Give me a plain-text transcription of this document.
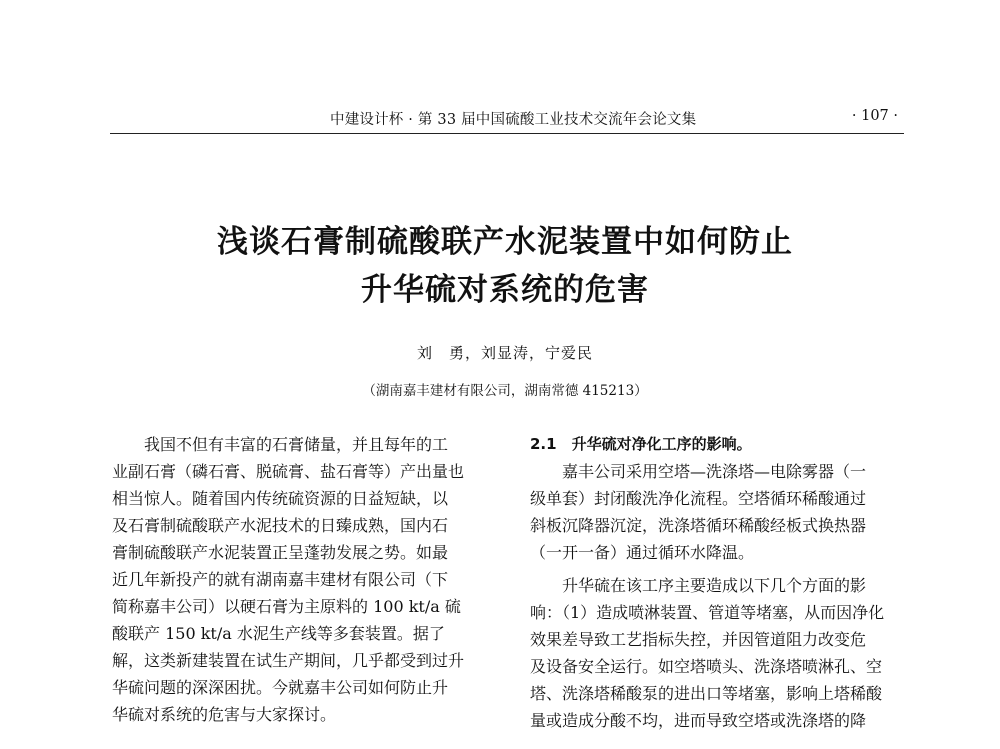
中建设计杯 · 第 33 届中国硫酸工业技术交流年会论文集	· 107 ·
浅谈石膏制硫酸联产水泥装置中如何防止
升华硫对系统的危害
刘　勇，刘显涛，宁爱民
（湖南嘉丰建材有限公司，湖南常德 415213）
我国不但有丰富的石膏储量，并且每年的工
业副石膏（磷石膏、脱硫膏、盐石膏等）产出量也
相当惊人。随着国内传统硫资源的日益短缺，以
及石膏制硫酸联产水泥技术的日臻成熟，国内石
膏制硫酸联产水泥装置正呈蓬勃发展之势。如最
近几年新投产的就有湖南嘉丰建材有限公司（下
简称嘉丰公司）以硬石膏为主原料的 100 kt/a 硫
酸联产 150 kt/a 水泥生产线等多套装置。据了
解，这类新建装置在试生产期间，几乎都受到过升
华硫问题的深深困扰。今就嘉丰公司如何防止升
华硫对系统的危害与大家探讨。
2.1　升华硫对净化工序的影响。
嘉丰公司采用空塔—洗涤塔—电除雾器（一
级单套）封闭酸洗净化流程。空塔循环稀酸通过
斜板沉降器沉淀，洗涤塔循环稀酸经板式换热器
（一开一备）通过循环水降温。
升华硫在该工序主要造成以下几个方面的影
响：（1）造成喷淋装置、管道等堵塞，从而因净化
效果差导致工艺指标失控，并因管道阻力改变危
及设备安全运行。如空塔喷头、洗涤塔喷淋孔、空
塔、洗涤塔稀酸泵的进出口等堵塞，影响上塔稀酸
量或造成分酸不均，进而导致空塔或洗涤塔的降
